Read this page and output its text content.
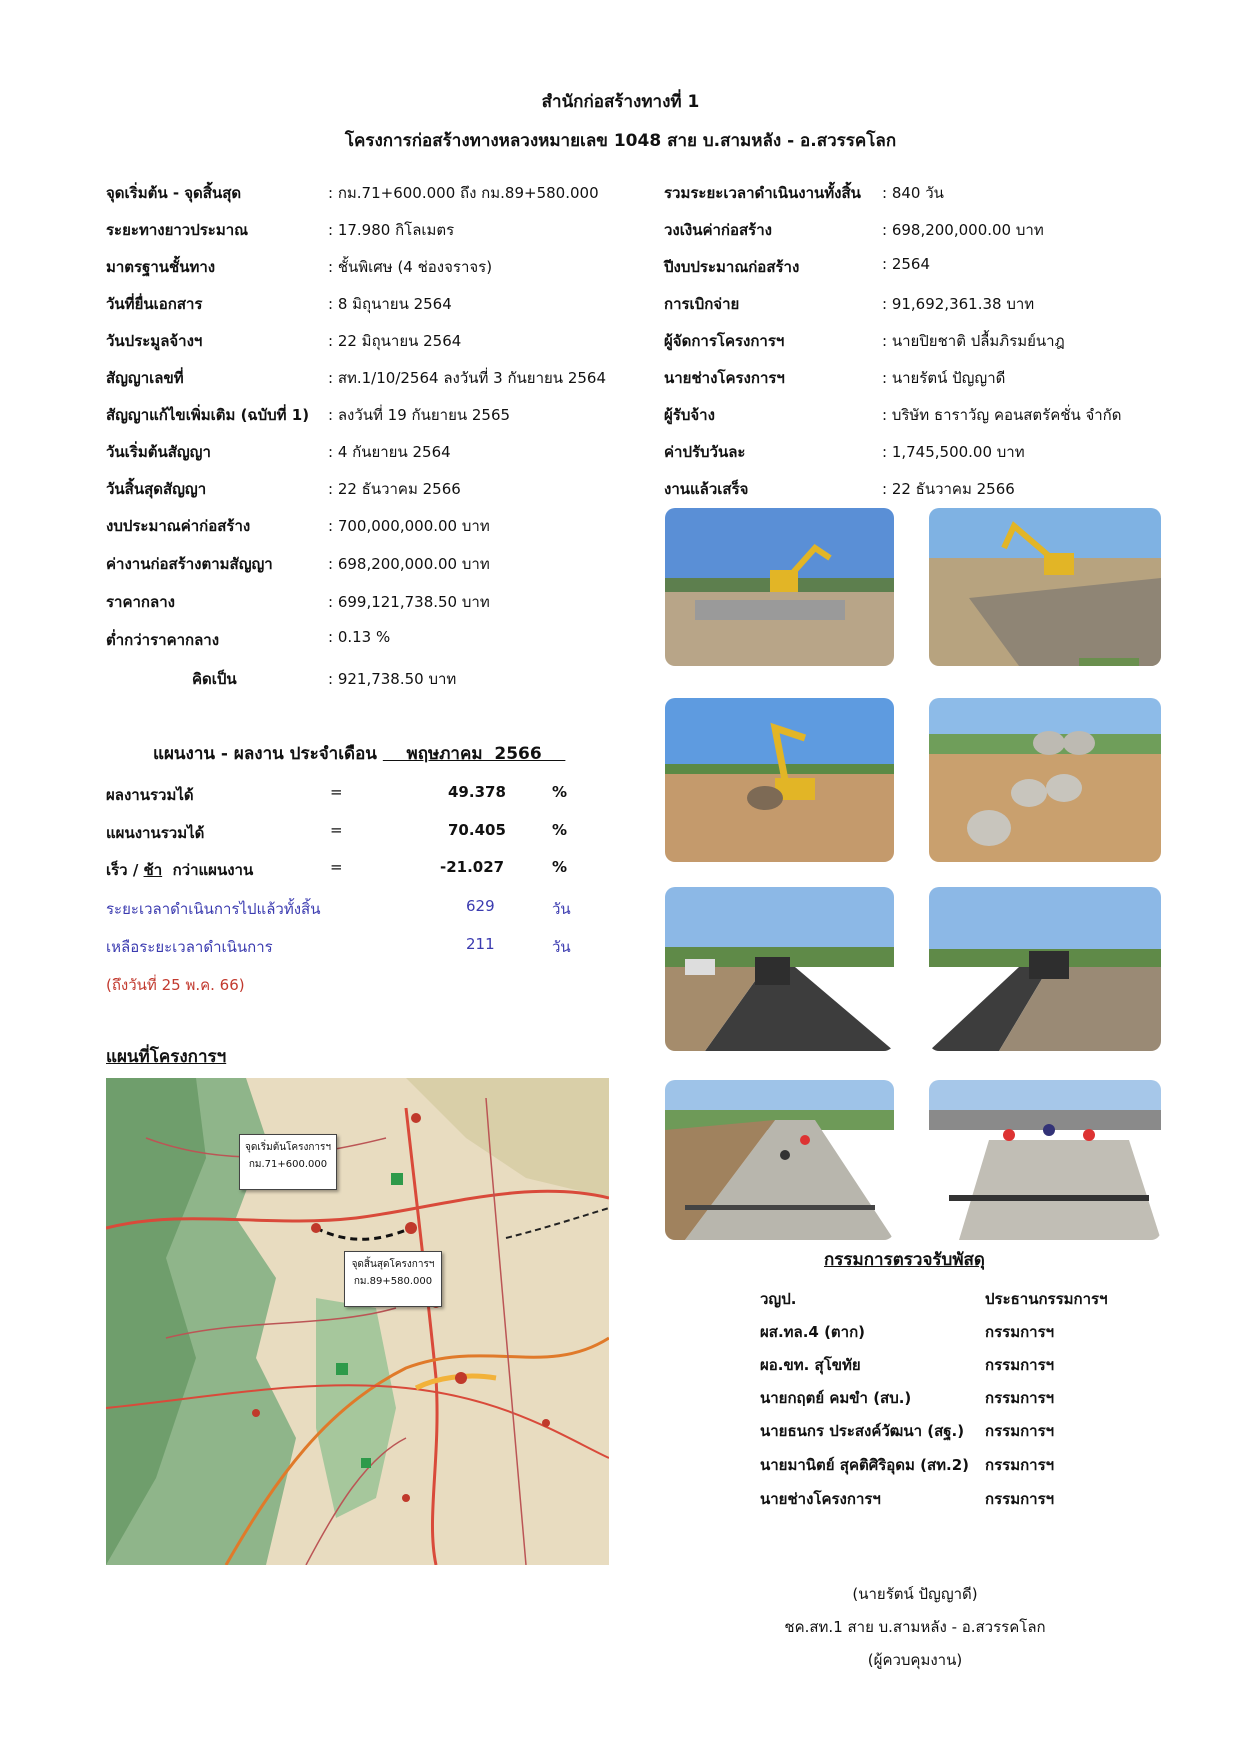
สำนักก่อสร้างทางที่ 1
โครงการก่อสร้างทางหลวงหมายเลข 1048 สาย บ.สามหลัง - อ.สวรรคโลก
จุดเริ่มต้น - จุดสิ้นสุด	: กม.71+600.000 ถึง กม.89+580.000
ระยะทางยาวประมาณ	: 17.980 กิโลเมตร
มาตรฐานชั้นทาง	: ชั้นพิเศษ (4 ช่องจราจร)
วันที่ยื่นเอกสาร	: 8 มิถุนายน 2564
วันประมูลจ้างฯ	: 22 มิถุนายน 2564
สัญญาเลขที่	: สท.1/10/2564 ลงวันที่ 3 กันยายน 2564
สัญญาแก้ไขเพิ่มเติม (ฉบับที่ 1) : ลงวันที่ 19 กันยายน 2565
วันเริ่มต้นสัญญา	: 4 กันยายน 2564
วันสิ้นสุดสัญญา	: 22 ธันวาคม 2566
งบประมาณค่าก่อสร้าง	: 700,000,000.00 บาท
ค่างานก่อสร้างตามสัญญา	: 698,200,000.00 บาท
ราคากลาง	: 699,121,738.50 บาท
ต่ำกว่าราคากลาง	: 0.13 %
คิดเป็น	: 921,738.50 บาท
รวมระยะเวลาดำเนินงานทั้งสิ้น : 840 วัน
วงเงินค่าก่อสร้าง	: 698,200,000.00 บาท
ปีงบประมาณก่อสร้าง	: 2564
การเบิกจ่าย	: 91,692,361.38 บาท
ผู้จัดการโครงการฯ	: นายปิยชาติ ปลื้มภิรมย์นาฎ
นายช่างโครงการฯ	: นายรัตน์ ปัญญาดี
ผู้รับจ้าง	: บริษัท ธาราวัญ คอนสตรัคชั่น จำกัด
ค่าปรับวันละ	: 1,745,500.00 บาท
งานแล้วเสร็จ	: 22 ธันวาคม 2566
แผนงาน - ผลงาน ประจำเดือน     พฤษภาคม  2566
ผลงานรวมได้	=	49.378	%
แผนงานรวมได้	=	70.405	%
เร็ว / ช้า  กว่าแผนงาน	=	-21.027	%
ระยะเวลาดำเนินการไปแล้วทั้งสิ้น	629	วัน
เหลือระยะเวลาดำเนินการ	211	วัน
(ถึงวันที่ 25 พ.ค. 66)
แผนที่โครงการฯ
จุดเริ่มต้นโครงการฯ
กม.71+600.000
จุดสิ้นสุดโครงการฯ
กม.89+580.000
กรรมการตรวจรับพัสดุ
วญป.	ประธานกรรมการฯ
ผส.ทล.4 (ตาก)	กรรมการฯ
ผอ.ขท. สุโขทัย	กรรมการฯ
นายกฤตย์ คมขำ (สบ.)	กรรมการฯ
นายธนกร ประสงค์วัฒนา (สฐ.)	กรรมการฯ
นายมานิตย์ สุคติศิริอุดม (สท.2)	กรรมการฯ
นายช่างโครงการฯ	กรรมการฯ
(นายรัตน์ ปัญญาดี)
ชค.สท.1 สาย บ.สามหลัง - อ.สวรรคโลก
(ผู้ควบคุมงาน)
